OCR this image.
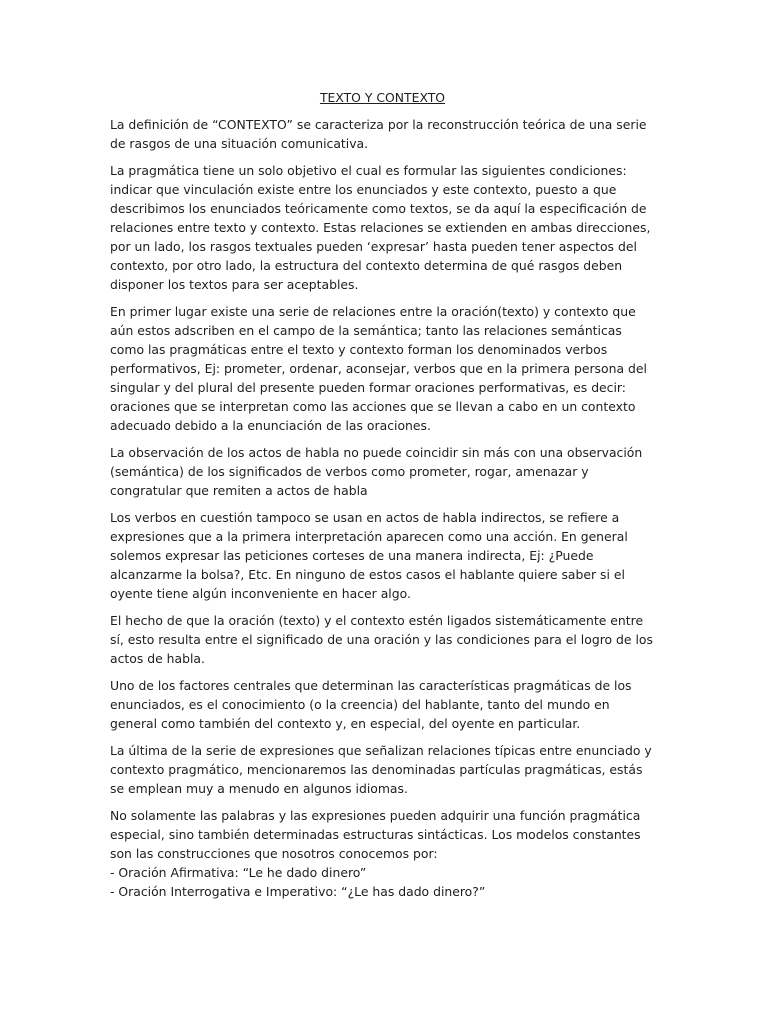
TEXTO Y CONTEXTO

La definición de “CONTEXTO” se caracteriza por la reconstrucción teórica de una serie de rasgos de una situación comunicativa.

La pragmática tiene un solo objetivo el cual es formular las siguientes condiciones: indicar que vinculación existe entre los enunciados y este contexto, puesto a que describimos los enunciados teóricamente como textos, se da aquí la especificación de relaciones entre texto y contexto. Estas relaciones se extienden en ambas direcciones, por un lado, los rasgos textuales pueden ‘expresar’ hasta pueden tener aspectos del contexto, por otro lado, la estructura del contexto determina de qué rasgos deben disponer los textos para ser aceptables.

En primer lugar existe una serie de relaciones entre la oración(texto) y contexto que aún estos adscriben en el campo de la semántica; tanto las relaciones semánticas como las pragmáticas entre el texto y contexto forman los denominados verbos performativos, Ej: prometer, ordenar, aconsejar, verbos que en la primera persona del singular y del plural del presente pueden formar oraciones performativas, es decir: oraciones que se interpretan como las acciones que se llevan a cabo en un contexto adecuado debido a la enunciación de las oraciones.

La observación de los actos de habla no puede coincidir sin más con una observación (semántica) de los significados de verbos como prometer, rogar, amenazar y congratular que remiten a actos de habla

Los verbos en cuestión tampoco se usan en actos de habla indirectos, se refiere a expresiones que a la primera interpretación aparecen como una acción. En general solemos expresar las peticiones corteses de una manera indirecta, Ej: ¿Puede alcanzarme la bolsa?, Etc. En ninguno de estos casos el hablante quiere saber si el oyente tiene algún inconveniente en hacer algo.

El hecho de que la oración (texto) y el contexto estén ligados sistemáticamente entre sí, esto resulta entre el significado de una oración y las condiciones para el logro de los actos de habla.

Uno de los factores centrales que determinan las características pragmáticas de los enunciados, es el conocimiento (o la creencia) del hablante, tanto del mundo en general como también del contexto y, en especial, del oyente en particular.

La última de la serie de expresiones que señalizan relaciones típicas entre enunciado y contexto pragmático, mencionaremos las denominadas partículas pragmáticas, estás se emplean muy a menudo en algunos idiomas.

No solamente las palabras y las expresiones pueden adquirir una función pragmática especial, sino también determinadas estructuras sintácticas. Los modelos constantes son las construcciones que nosotros conocemos por:

- Oración Afirmativa: “Le he dado dinero”
- Oración Interrogativa e Imperativo: “¿Le has dado dinero?”
